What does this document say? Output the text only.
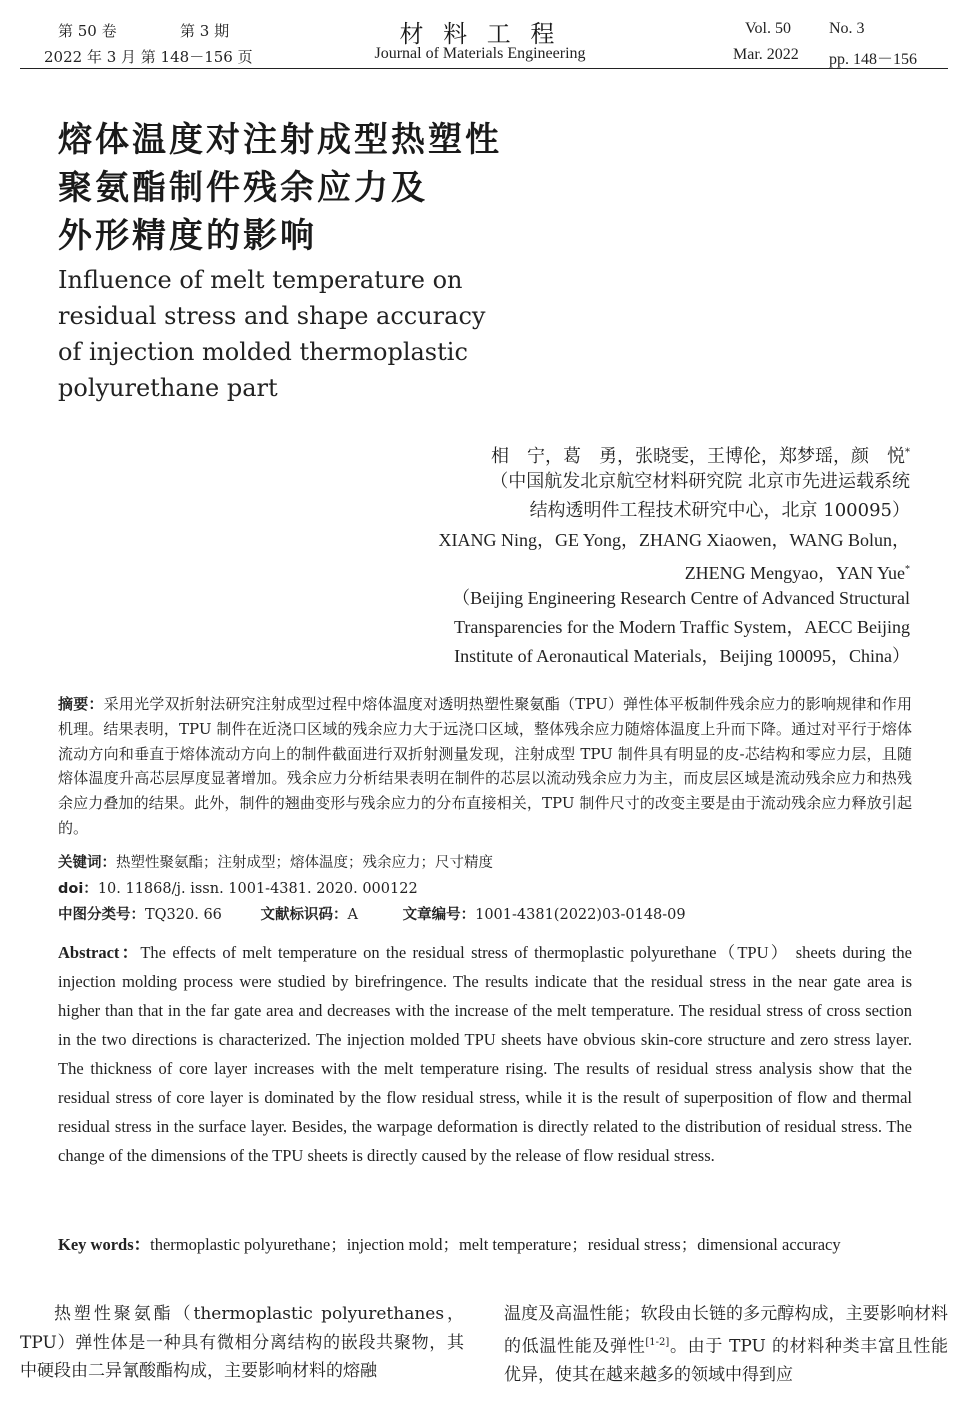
第 50 卷	第 3 期
2022 年 3 月 第 148－156 页
材 料 工 程
Journal of Materials Engineering
Vol. 50 No. 3
Mar. 2022 pp. 148－156
熔体温度对注射成型热塑性
聚氨酯制件残余应力及
外形精度的影响
Influence of melt temperature on
residual stress and shape accuracy
of injection molded thermoplastic
polyurethane part
相　宁，葛　勇，张晓雯，王博伦，郑梦瑶，颜　悦*
（中国航发北京航空材料研究院 北京市先进运载系统
结构透明件工程技术研究中心，北京 100095）
XIANG Ning，GE Yong，ZHANG Xiaowen，WANG Bolun，
ZHENG Mengyao，YAN Yue*
（Beijing Engineering Research Centre of Advanced Structural
Transparencies for the Modern Traffic System，AECC Beijing
Institute of Aeronautical Materials，Beijing 100095，China）
摘要：采用光学双折射法研究注射成型过程中熔体温度对透明热塑性聚氨酯（TPU）弹性体平板制件残余应力的影响规律和作用机理。结果表明，TPU 制件在近浇口区域的残余应力大于远浇口区域，整体残余应力随熔体温度上升而下降。通过对平行于熔体流动方向和垂直于熔体流动方向上的制件截面进行双折射测量发现，注射成型 TPU 制件具有明显的皮-芯结构和零应力层，且随熔体温度升高芯层厚度显著增加。残余应力分析结果表明在制件的芯层以流动残余应力为主，而皮层区域是流动残余应力和热残余应力叠加的结果。此外，制件的翘曲变形与残余应力的分布直接相关，TPU 制件尺寸的改变主要是由于流动残余应力释放引起的。
关键词：热塑性聚氨酯；注射成型；熔体温度；残余应力；尺寸精度
doi：10. 11868/j. issn. 1001-4381. 2020. 000122
中图分类号：TQ320. 66	文献标识码：A	文章编号：1001-4381(2022)03-0148-09
Abstract：The effects of melt temperature on the residual stress of thermoplastic polyurethane（TPU） sheets during the injection molding process were studied by birefringence. The results indicate that the residual stress in the near gate area is higher than that in the far gate area and decreases with the increase of the melt temperature. The residual stress of cross section in the two directions is characterized. The injection molded TPU sheets have obvious skin-core structure and zero stress layer. The thickness of core layer increases with the melt temperature rising. The results of residual stress analysis show that the residual stress of core layer is dominated by the flow residual stress, while it is the result of superposition of flow and thermal residual stress in the surface layer. Besides, the warpage deformation is directly related to the distribution of residual stress. The change of the dimensions of the TPU sheets is directly caused by the release of flow residual stress.
Key words：thermoplastic polyurethane；injection mold；melt temperature；residual stress；dimensional accuracy
热塑性聚氨酯（thermoplastic polyurethanes，TPU）弹性体是一种具有微相分离结构的嵌段共聚物，其中硬段由二异氰酸酯构成，主要影响材料的熔融
温度及高温性能；软段由长链的多元醇构成，主要影响材料的低温性能及弹性[1-2]。由于 TPU 的材料种类丰富且性能优异，使其在越来越多的领域中得到应
